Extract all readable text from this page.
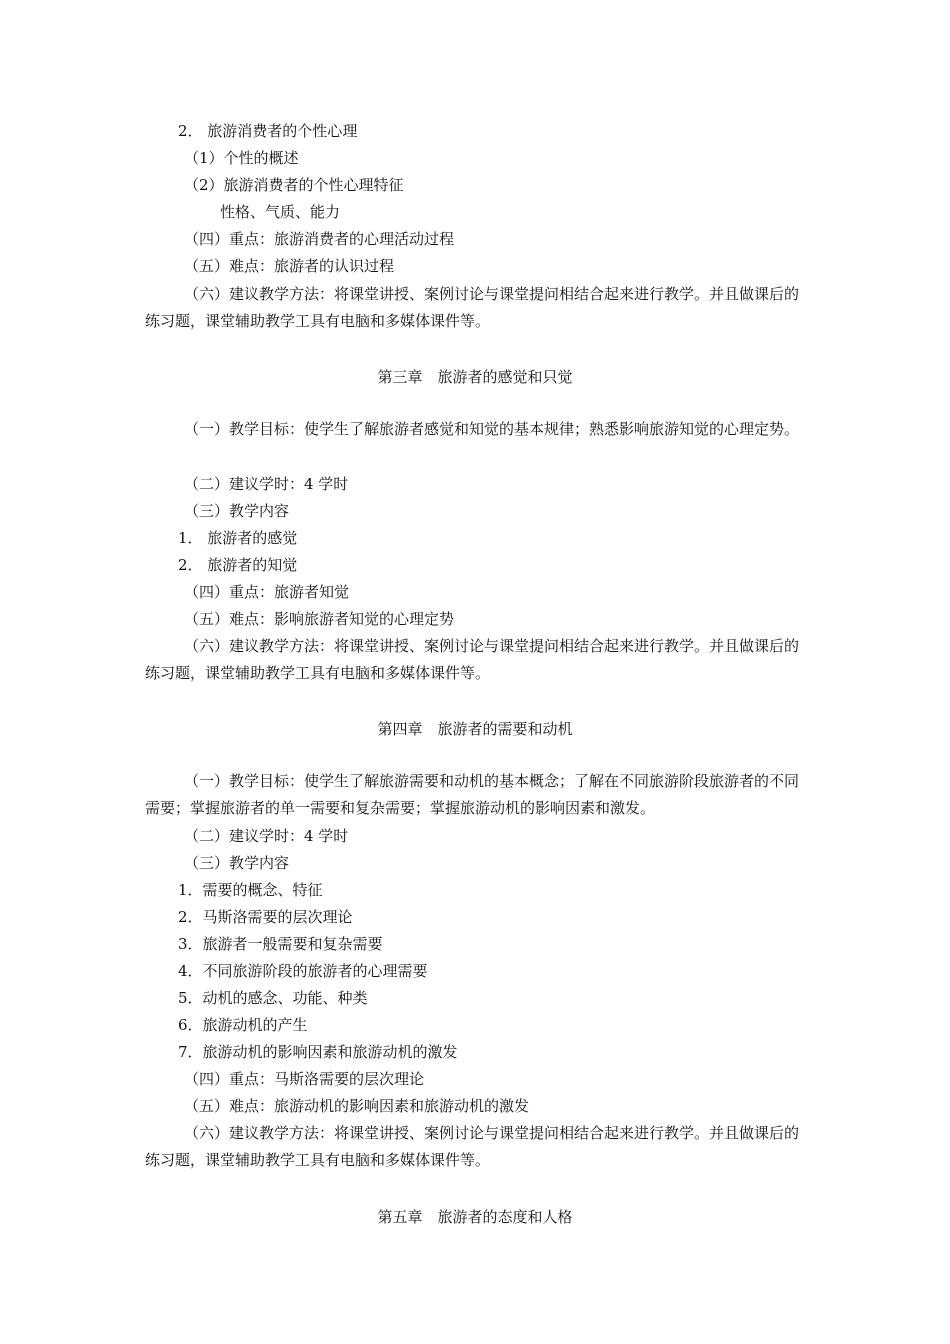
2． 旅游消费者的个性心理
（1）个性的概述
（2）旅游消费者的个性心理特征
性格、气质、能力
（四）重点：旅游消费者的心理活动过程
（五）难点：旅游者的认识过程
（六）建议教学方法：将课堂讲授、案例讨论与课堂提问相结合起来进行教学。并且做课后的练习题，课堂辅助教学工具有电脑和多媒体课件等。
第三章　旅游者的感觉和只觉
（一）教学目标：使学生了解旅游者感觉和知觉的基本规律；熟悉影响旅游知觉的心理定势。
（二）建议学时：4 学时
（三）教学内容
1． 旅游者的感觉
2． 旅游者的知觉
（四）重点：旅游者知觉
（五）难点：影响旅游者知觉的心理定势
（六）建议教学方法：将课堂讲授、案例讨论与课堂提问相结合起来进行教学。并且做课后的练习题，课堂辅助教学工具有电脑和多媒体课件等。
第四章　旅游者的需要和动机
（一）教学目标：使学生了解旅游需要和动机的基本概念；了解在不同旅游阶段旅游者的不同需要；掌握旅游者的单一需要和复杂需要；掌握旅游动机的影响因素和激发。
（二）建议学时：4 学时
（三）教学内容
1．需要的概念、特征
2．马斯洛需要的层次理论
3．旅游者一般需要和复杂需要
4．不同旅游阶段的旅游者的心理需要
5．动机的感念、功能、种类
6．旅游动机的产生
7．旅游动机的影响因素和旅游动机的激发
（四）重点：马斯洛需要的层次理论
（五）难点：旅游动机的影响因素和旅游动机的激发
（六）建议教学方法：将课堂讲授、案例讨论与课堂提问相结合起来进行教学。并且做课后的练习题，课堂辅助教学工具有电脑和多媒体课件等。
第五章　旅游者的态度和人格
